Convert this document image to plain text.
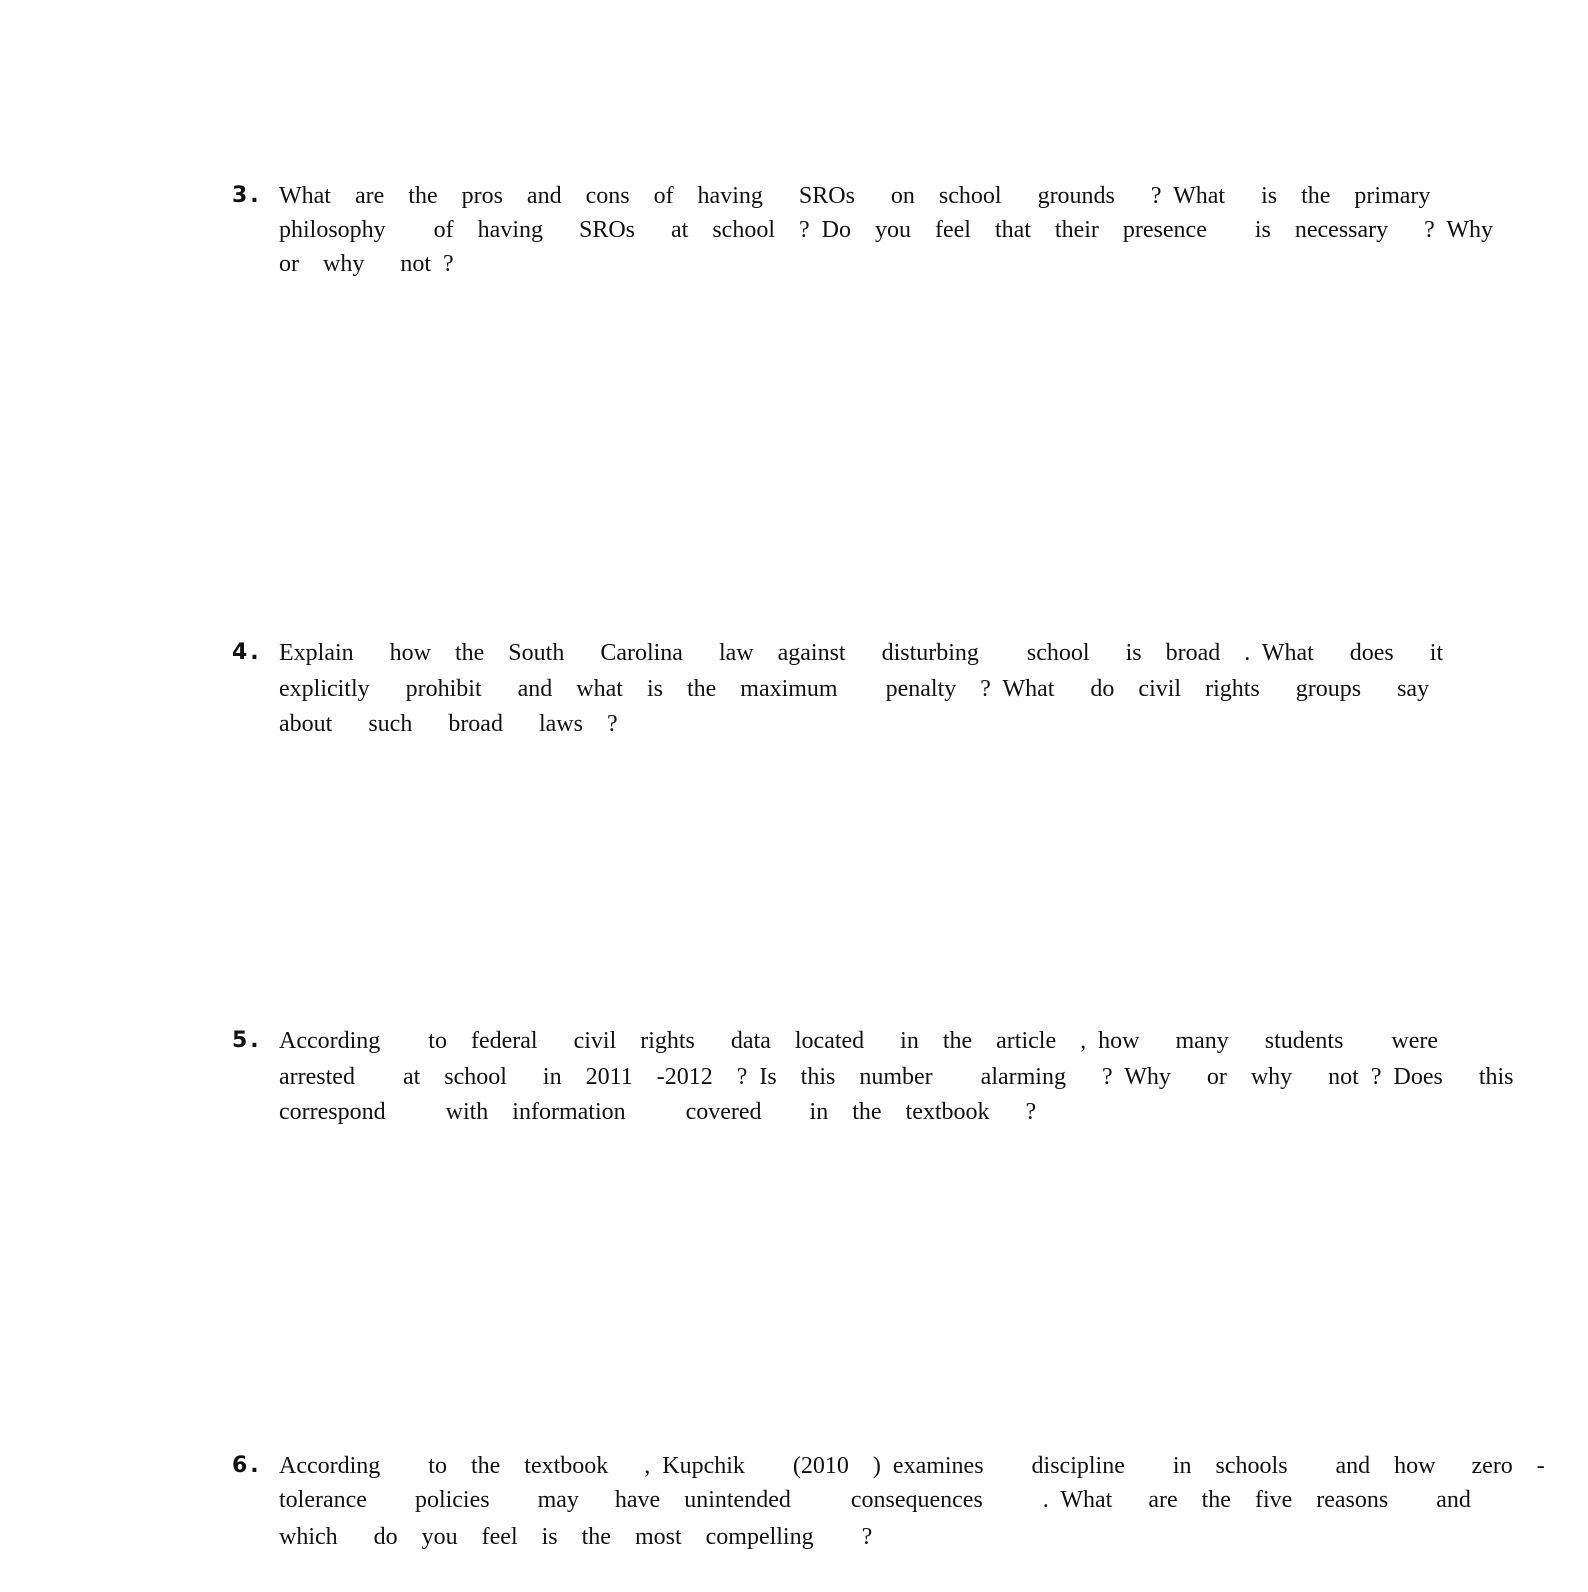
3. What  are  the  pros  and  cons  of  having   SROs   on  school   grounds   ? What   is  the  primary
philosophy    of  having   SROs   at  school  ? Do  you  feel  that  their  presence    is  necessary   ? Why
or  why   not ?
4. Explain   how  the  South   Carolina   law  against   disturbing    school   is  broad  . What   does   it
explicitly   prohibit   and  what  is  the  maximum    penalty  ? What   do  civil  rights   groups   say
about   such   broad   laws  ?
5. According    to  federal   civil  rights   data  located   in  the  article  , how   many   students    were
arrested    at  school   in  2011  -2012  ? Is  this  number    alarming   ? Why   or  why   not ? Does   this
correspond     with  information     covered    in  the  textbook   ?
6. According    to  the  textbook   , Kupchik    (2010  ) examines    discipline    in  schools    and  how   zero  -
tolerance    policies    may   have  unintended     consequences     . What   are  the  five  reasons    and
which   do  you  feel  is  the  most  compelling    ?
